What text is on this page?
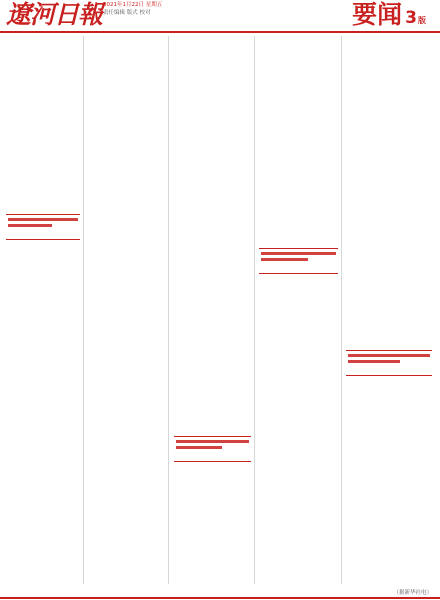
遼河日報 2021年1月22日 星期五
责任编辑 版式 校对	要闻 3版
（据新华社电）
